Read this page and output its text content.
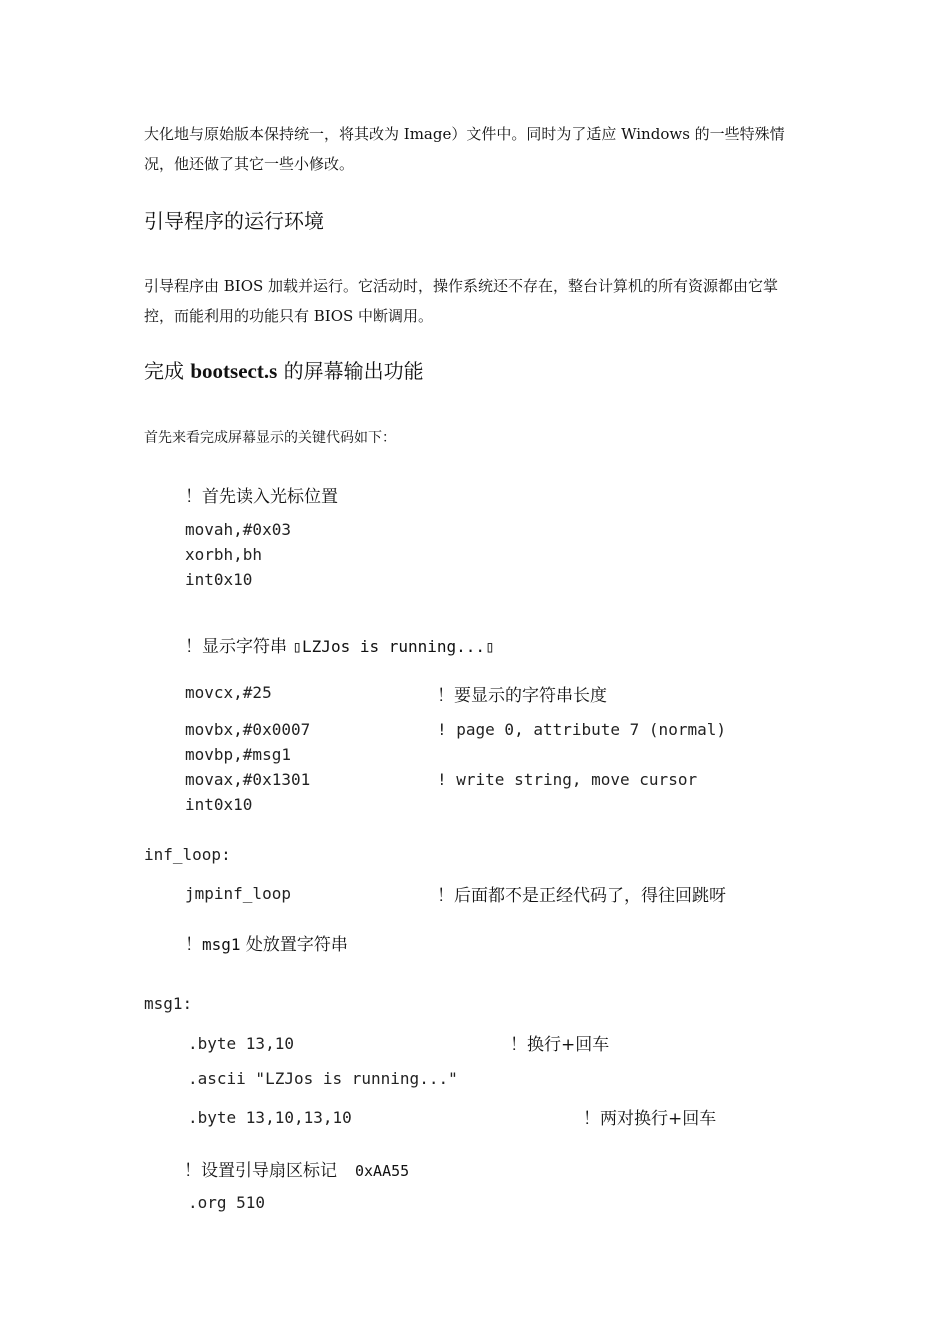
大化地与原始版本保持统一，将其改为 Image）文件中。同时为了适应 Windows 的一些特殊情
况，他还做了其它一些小修改。
引导程序的运行环境
引导程序由 BIOS 加载并运行。它活动时，操作系统还不存在，整台计算机的所有资源都由它掌
控，而能利用的功能只有 BIOS 中断调用。
完成 bootsect.s 的屏幕输出功能
首先来看完成屏幕显示的关键代码如下：
！首先读入光标位置
movah,#0x03
xorbh,bh
int0x10
！显示字符串 ▯LZJos is running...▯
movcx,#25	！要显示的字符串长度
movbx,#0x0007	! page 0, attribute 7 (normal)
movbp,#msg1
movax,#0x1301	! write string, move cursor
int0x10
inf_loop:
jmpinf_loop	！后面都不是正经代码了，得往回跳呀
！msg1 处放置字符串
msg1:
.byte 13,10	！换行+回车
.ascii "LZJos is running..."
.byte 13,10,13,10	！两对换行+回车
！设置引导扇区标记 0xAA55
.org 510
